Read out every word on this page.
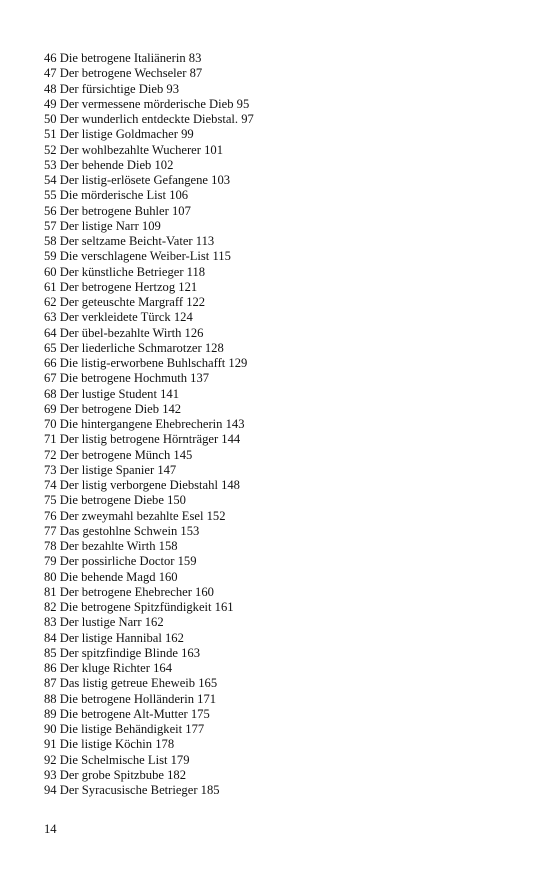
46 Die betrogene Italiänerin 83
47 Der betrogene Wechseler 87
48 Der fürsichtige Dieb 93
49 Der vermessene mörderische Dieb 95
50 Der wunderlich entdeckte Diebstal. 97
51 Der listige Goldmacher 99
52 Der wohlbezahlte Wucherer 101
53 Der behende Dieb 102
54 Der listig-erlösete Gefangene 103
55 Die mörderische List 106
56 Der betrogene Buhler 107
57 Der listige Narr 109
58 Der seltzame Beicht-Vater 113
59 Die verschlagene Weiber-List 115
60 Der künstliche Betrieger 118
61 Der betrogene Hertzog 121
62 Der geteuschte Margraff 122
63 Der verkleidete Türck 124
64 Der übel-bezahlte Wirth 126
65 Der liederliche Schmarotzer 128
66 Die listig-erworbene Buhlschafft 129
67 Die betrogene Hochmuth 137
68 Der lustige Student 141
69 Der betrogene Dieb 142
70 Die hintergangene Ehebrecherin 143
71 Der listig betrogene Hörnträger 144
72 Der betrogene Münch 145
73 Der listige Spanier 147
74 Der listig verborgene Diebstahl 148
75 Die betrogene Diebe 150
76 Der zweymahl bezahlte Esel 152
77 Das gestohlne Schwein 153
78 Der bezahlte Wirth 158
79 Der possirliche Doctor 159
80 Die behende Magd 160
81 Der betrogene Ehebrecher 160
82 Die betrogene Spitzfündigkeit 161
83 Der lustige Narr 162
84 Der listige Hannibal 162
85 Der spitzfindige Blinde 163
86 Der kluge Richter 164
87 Das listig getreue Eheweib 165
88 Die betrogene Holländerin 171
89 Die betrogene Alt-Mutter 175
90 Die listige Behändigkeit 177
91 Die listige Köchin 178
92 Die Schelmische List 179
93 Der grobe Spitzbube 182
94 Der Syracusische Betrieger 185
14
